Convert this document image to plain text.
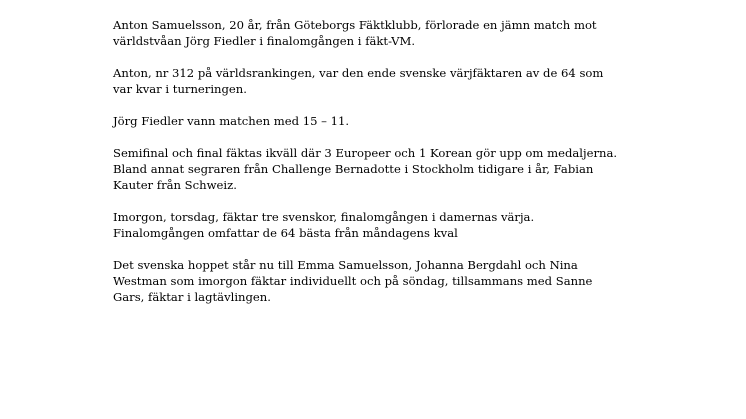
Anton Samuelsson, 20 år, från Göteborgs Fäktklubb, förlorade en jämn match mot
världstvåan Jörg Fiedler i finalomgången i fäkt-VM.

Anton, nr 312 på världsrankingen, var den ende svenske värjfäktaren av de 64 som
var kvar i turneringen.

Jörg Fiedler vann matchen med 15 – 11.

Semifinal och final fäktas ikväll där 3 Europeer och 1 Korean gör upp om medaljerna.
Bland annat segraren från Challenge Bernadotte i Stockholm tidigare i år, Fabian
Kauter från Schweiz.

Imorgon, torsdag, fäktar tre svenskor, finalomgången i damernas värja.
Finalomgången omfattar de 64 bästa från måndagens kval

Det svenska hoppet står nu till Emma Samuelsson, Johanna Bergdahl och Nina
Westman som imorgon fäktar individuellt och på söndag, tillsammans med Sanne
Gars, fäktar i lagtävlingen.
